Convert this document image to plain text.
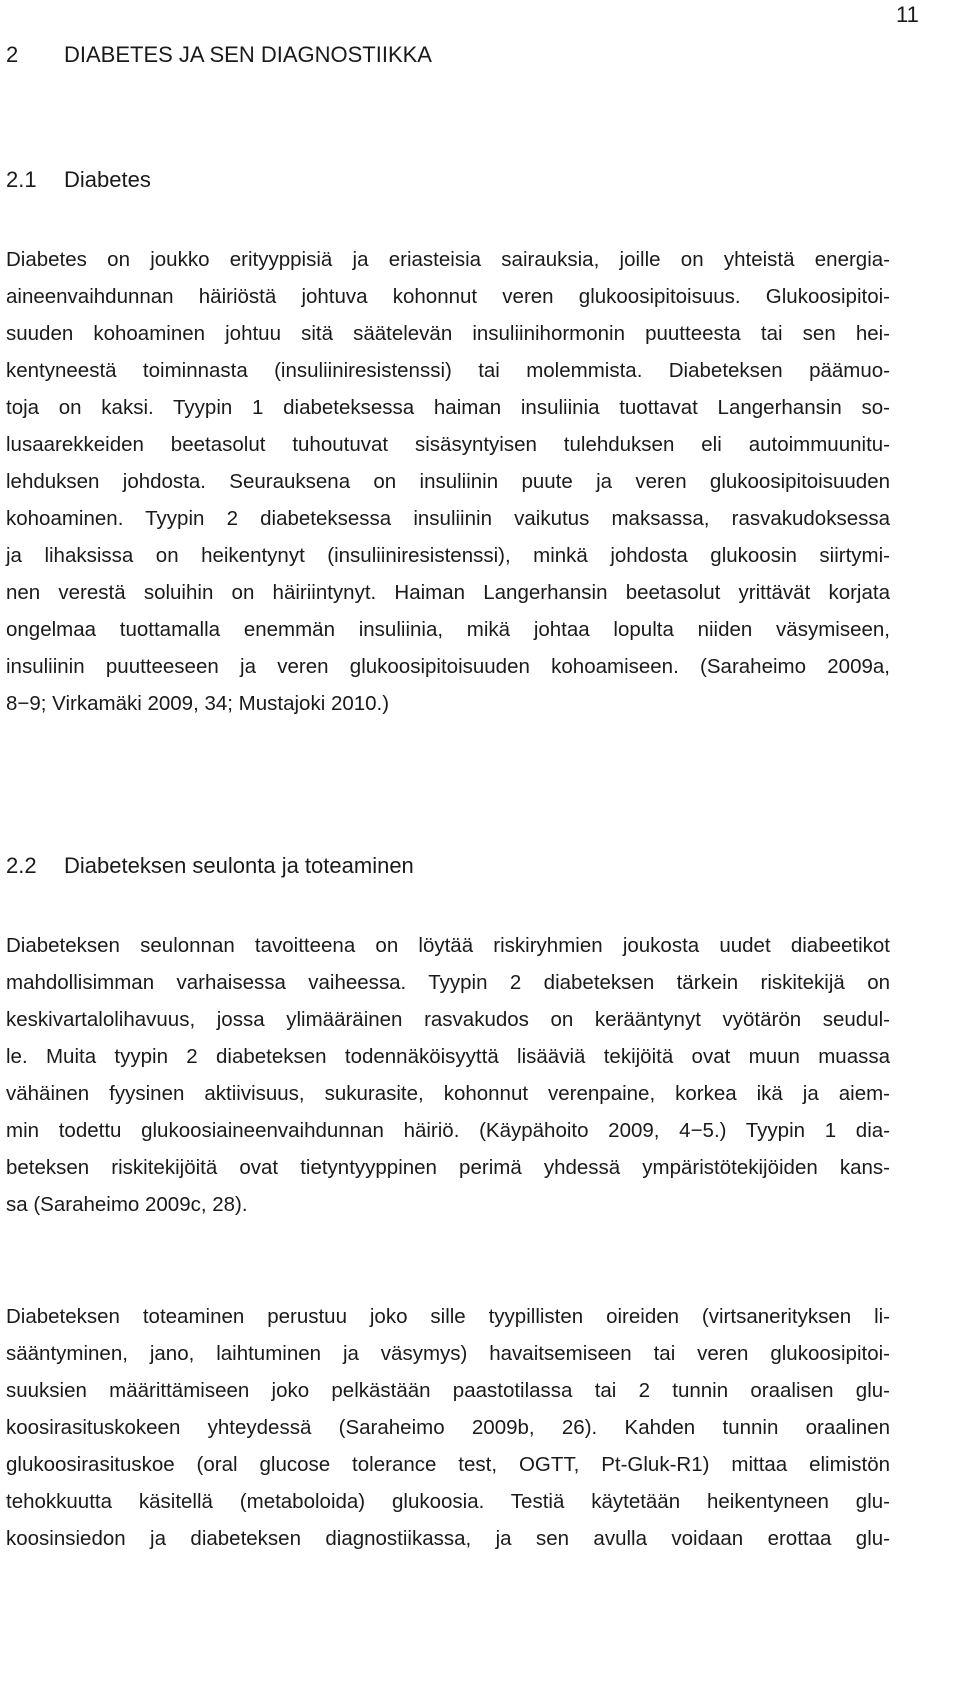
11
2 DIABETES JA SEN DIAGNOSTIIKKA
2.1 Diabetes
Diabetes on joukko erityyppisiä ja eriasteisia sairauksia, joille on yhteistä energia-
aineenvaihdunnan häiriöstä johtuva kohonnut veren glukoosipitoisuus. Glukoosipitoi-
suuden kohoaminen johtuu sitä säätelevän insuliinihormonin puutteesta tai sen hei-
kentyneestä toiminnasta (insuliiniresistenssi) tai molemmista. Diabeteksen päämuo-
toja on kaksi. Tyypin 1 diabeteksessa haiman insuliinia tuottavat Langerhansin so-
lusaarekkeiden beetasolut tuhoutuvat sisäsyntyisen tulehduksen eli autoimmuunitu-
lehduksen johdosta. Seurauksena on insuliinin puute ja veren glukoosipitoisuuden
kohoaminen. Tyypin 2 diabeteksessa insuliinin vaikutus maksassa, rasvakudoksessa
ja lihaksissa on heikentynyt (insuliiniresistenssi), minkä johdosta glukoosin siirtymi-
nen verestä soluihin on häiriintynyt. Haiman Langerhansin beetasolut yrittävät korjata
ongelmaa tuottamalla enemmän insuliinia, mikä johtaa lopulta niiden väsymiseen,
insuliinin puutteeseen ja veren glukoosipitoisuuden kohoamiseen. (Saraheimo 2009a,
8−9; Virkamäki 2009, 34; Mustajoki 2010.)
2.2 Diabeteksen seulonta ja toteaminen
Diabeteksen seulonnan tavoitteena on löytää riskiryhmien joukosta uudet diabeetikot
mahdollisimman varhaisessa vaiheessa. Tyypin 2 diabeteksen tärkein riskitekijä on
keskivartalolihavuus, jossa ylimääräinen rasvakudos on kerääntynyt vyötärön seudul-
le. Muita tyypin 2 diabeteksen todennäköisyyttä lisääviä tekijöitä ovat muun muassa
vähäinen fyysinen aktiivisuus, sukurasite, kohonnut verenpaine, korkea ikä ja aiem-
min todettu glukoosiaineenvaihdunnan häiriö. (Käypähoito 2009, 4−5.) Tyypin 1 dia-
beteksen riskitekijöitä ovat tietyntyyppinen perimä yhdessä ympäristötekijöiden kans-
sa (Saraheimo 2009c, 28).
Diabeteksen toteaminen perustuu joko sille tyypillisten oireiden (virtsanerityksen li-
sääntyminen, jano, laihtuminen ja väsymys) havaitsemiseen tai veren glukoosipitoi-
suuksien määrittämiseen joko pelkästään paastotilassa tai 2 tunnin oraalisen glu-
koosirasituskokeen yhteydessä (Saraheimo 2009b, 26). Kahden tunnin oraalinen
glukoosirasituskoe (oral glucose tolerance test, OGTT, Pt-Gluk-R1) mittaa elimistön
tehokkuutta käsitellä (metaboloida) glukoosia. Testiä käytetään heikentyneen glu-
koosinsiedon ja diabeteksen diagnostiikassa, ja sen avulla voidaan erottaa glu-
